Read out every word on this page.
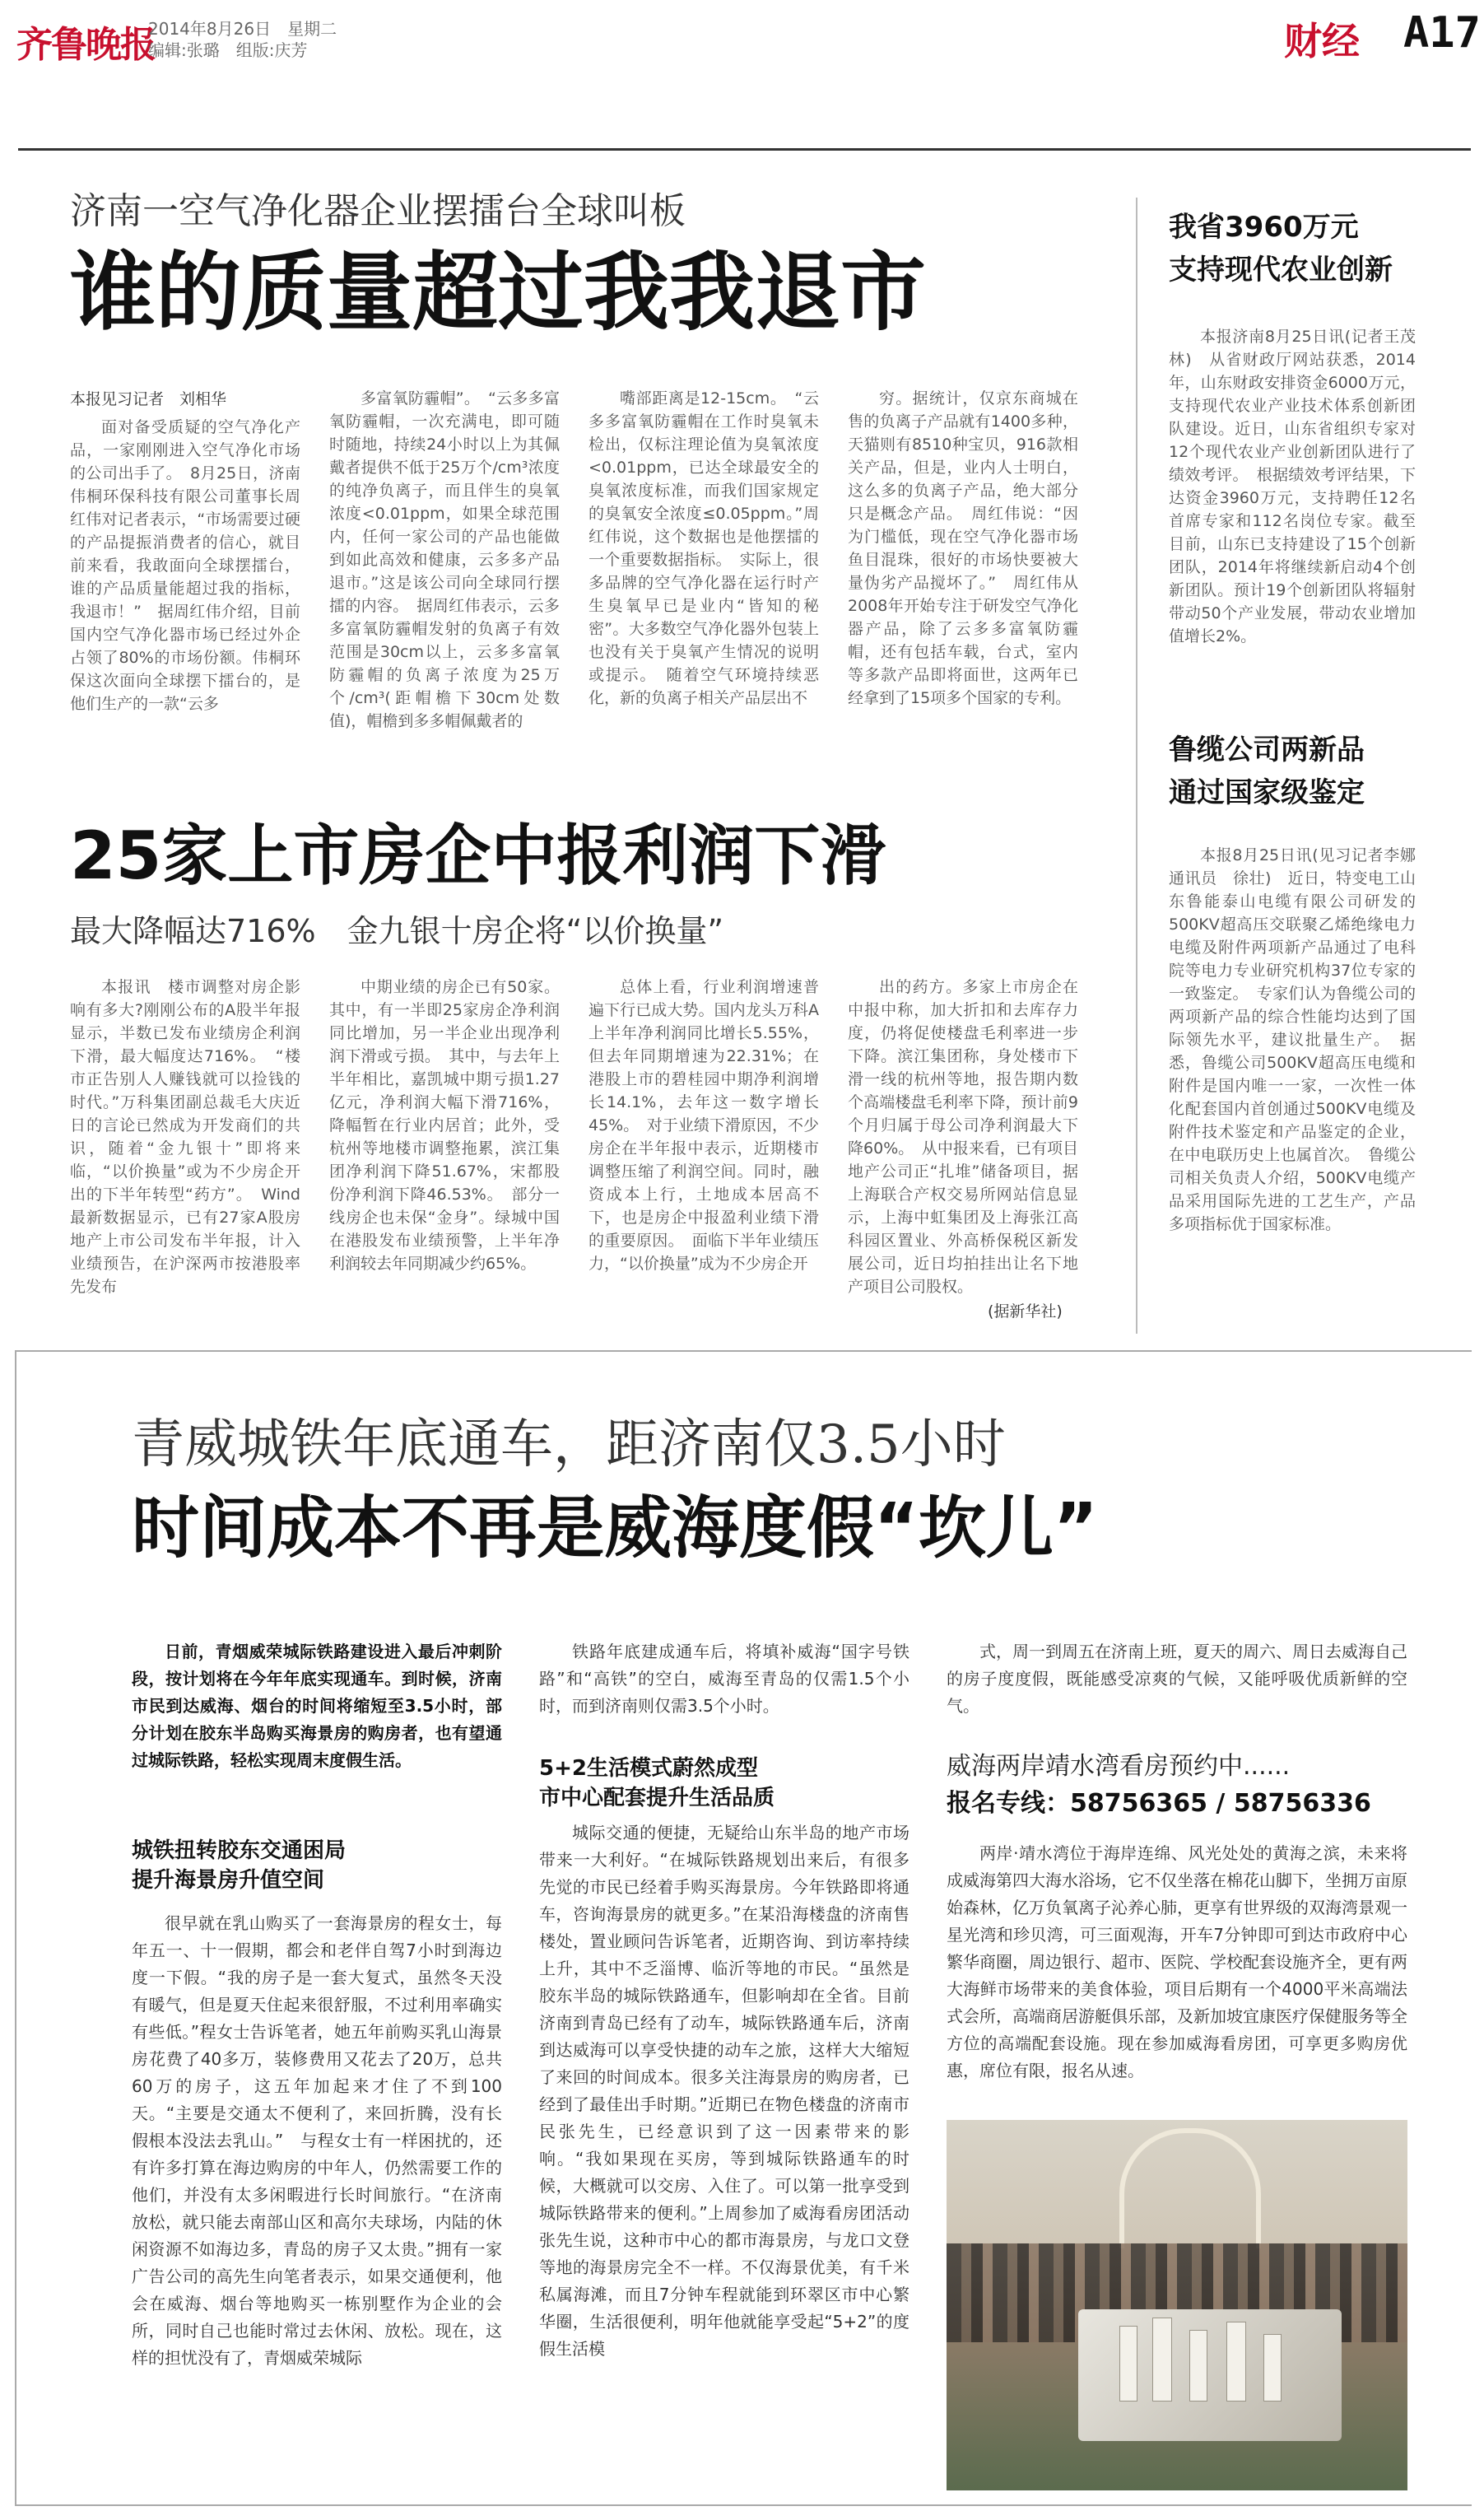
齐鲁晚报
2014年8月26日　星期二
编辑:张璐　组版:庆芳	财经 A17
济南一空气净化器企业摆擂台全球叫板
谁的质量超过我我退市
本报见习记者　刘相华

面对备受质疑的空气净化产品，一家刚刚进入空气净化市场的公司出手了。　8月25日，济南伟桐环保科技有限公司董事长周红伟对记者表示，“市场需要过硬的产品提振消费者的信心，就目前来看，我敢面向全球摆擂台，谁的产品质量能超过我的指标，我退市！”　据周红伟介绍，目前国内空气净化器市场已经过外企占领了80%的市场份额。伟桐环保这次面向全球摆下擂台的，是他们生产的一款“云多

多富氧防霾帽”。　“云多多富氧防霾帽，一次充满电，即可随时随地，持续24小时以上为其佩戴者提供不低于25万个/cm³浓度的纯净负离子，而且伴生的臭氧浓度<0.01ppm，如果全球范围内，任何一家公司的产品也能做到如此高效和健康，云多多产品退市。”这是该公司向全球同行摆擂的内容。　据周红伟表示，云多多富氧防霾帽发射的负离子有效范围是30cm以上，云多多富氧防霾帽的负离子浓度为25万个/cm³(距帽檐下30cm处数值)，帽檐到多多帽佩戴者的

嘴部距离是12-15cm。　“云多多富氧防霾帽在工作时臭氧未检出，仅标注理论值为臭氧浓度<0.01ppm，已达全球最安全的臭氧浓度标准，而我们国家规定的臭氧安全浓度≤0.05ppm。”周红伟说，这个数据也是他摆擂的一个重要数据指标。　实际上，很多品牌的空气净化器在运行时产生臭氧早已是业内“皆知的秘密”。大多数空气净化器外包装上也没有关于臭氧产生情况的说明或提示。　随着空气环境持续恶化，新的负离子相关产品层出不

穷。据统计，仅京东商城在售的负离子产品就有1400多种，天猫则有8510种宝贝，916款相关产品，但是，业内人士明白，这么多的负离子产品，绝大部分只是概念产品。　周红伟说：“因为门槛低，现在空气净化器市场鱼目混珠，很好的市场快要被大量伪劣产品搅坏了。”　周红伟从2008年开始专注于研发空气净化器产品，除了云多多富氧防霾帽，还有包括车载，台式，室内等多款产品即将面世，这两年已经拿到了15项多个国家的专利。

25家上市房企中报利润下滑
最大降幅达716%　金九银十房企将“以价换量”

本报讯　楼市调整对房企影响有多大?刚刚公布的A股半年报显示，半数已发布业绩房企利润下滑，最大幅度达716%。　“楼市正告别人人赚钱就可以捡钱的时代。”万科集团副总裁毛大庆近日的言论已然成为开发商们的共识，随着“金九银十”即将来临，“以价换量”或为不少房企开出的下半年转型“药方”。　Wind最新数据显示，已有27家A股房地产上市公司发布半年报，计入业绩预告，在沪深两市按港股率先发布

中期业绩的房企已有50家。其中，有一半即25家房企净利润同比增加，另一半企业出现净利润下滑或亏损。　其中，与去年上半年相比，嘉凯城中期亏损1.27亿元，净利润大幅下滑716%，降幅暂在行业内居首；此外，受杭州等地楼市调整拖累，滨江集团净利润下降51.67%，宋都股份净利润下降46.53%。　部分一线房企也未保“金身”。绿城中国在港股发布业绩预警，上半年净利润较去年同期减少约65%。

总体上看，行业利润增速普遍下行已成大势。国内龙头万科A上半年净利润同比增长5.55%，但去年同期增速为22.31%；在港股上市的碧桂园中期净利润增长14.1%，去年这一数字增长45%。　对于业绩下滑原因，不少房企在半年报中表示，近期楼市调整压缩了利润空间。同时，融资成本上行，土地成本居高不下，也是房企中报盈利业绩下滑的重要原因。　面临下半年业绩压力，“以价换量”成为不少房企开

出的药方。多家上市房企在中报中称，加大折扣和去库存力度，仍将促使楼盘毛利率进一步下降。滨江集团称，身处楼市下滑一线的杭州等地，报告期内数个高端楼盘毛利率下降，预计前9个月归属于母公司净利润最大下降60%。　从中报来看，已有项目地产公司正“扎堆”储备项目，据上海联合产权交易所网站信息显示，上海中虹集团及上海张江高科园区置业、外高桥保税区新发展公司，近日均拍挂出让名下地产项目公司股权。

(据新华社)
我省3960万元
支持现代农业创新

本报济南8月25日讯(记者王茂林)　从省财政厅网站获悉，2014年，山东财政安排资金6000万元，支持现代农业产业技术体系创新团队建设。近日，山东省组织专家对12个现代农业产业创新团队进行了绩效考评。　根据绩效考评结果，下达资金3960万元，支持聘任12名首席专家和112名岗位专家。截至目前，山东已支持建设了15个创新团队，2014年将继续新启动4个创新团队。预计19个创新团队将辐射带动50个产业发展，带动农业增加值增长2%。

鲁缆公司两新品
通过国家级鉴定

本报8月25日讯(见习记者李娜　通讯员　徐壮)　近日，特变电工山东鲁能泰山电缆有限公司研发的500KV超高压交联聚乙烯绝缘电力电缆及附件两项新产品通过了电科院等电力专业研究机构37位专家的一致鉴定。　专家们认为鲁缆公司的两项新产品的综合性能均达到了国际领先水平，建议批量生产。　据悉，鲁缆公司500KV超高压电缆和附件是国内唯一一家，一次性一体化配套国内首创通过500KV电缆及附件技术鉴定和产品鉴定的企业，在中电联历史上也属首次。　鲁缆公司相关负责人介绍，500KV电缆产品采用国际先进的工艺生产，产品多项指标优于国家标准。

青威城铁年底通车，距济南仅3.5小时
时间成本不再是威海度假“坎儿”

日前，青烟威荣城际铁路建设进入最后冲刺阶段，按计划将在今年年底实现通车。到时候，济南市民到达威海、烟台的时间将缩短至3.5小时，部分计划在胶东半岛购买海景房的购房者，也有望通过城际铁路，轻松实现周末度假生活。

城铁扭转胶东交通困局
提升海景房升值空间

很早就在乳山购买了一套海景房的程女士，每年五一、十一假期，都会和老伴自驾7小时到海边度一下假。“我的房子是一套大复式，虽然冬天没有暖气，但是夏天住起来很舒服，不过利用率确实有些低。”程女士告诉笔者，她五年前购买乳山海景房花费了40多万，装修费用又花去了20万，总共60万的房子，这五年加起来才住了不到100天。“主要是交通太不便利了，来回折腾，没有长假根本没法去乳山。”　与程女士有一样困扰的，还有许多打算在海边购房的中年人，仍然需要工作的他们，并没有太多闲暇进行长时间旅行。“在济南放松，就只能去南部山区和高尔夫球场，内陆的休闲资源不如海边多，青岛的房子又太贵。”拥有一家广告公司的高先生向笔者表示，如果交通便利，他会在威海、烟台等地购买一栋别墅作为企业的会所，同时自己也能时常过去休闲、放松。现在，这样的担忧没有了，青烟威荣城际

铁路年底建成通车后，将填补威海“国字号铁路”和“高铁”的空白，威海至青岛的仅需1.5个小时，而到济南则仅需3.5个小时。

5+2生活模式蔚然成型
市中心配套提升生活品质

城际交通的便捷，无疑给山东半岛的地产市场带来一大利好。“在城际铁路规划出来后，有很多先觉的市民已经着手购买海景房。今年铁路即将通车，咨询海景房的就更多。”在某沿海楼盘的济南售楼处，置业顾问告诉笔者，近期咨询、到访率持续上升，其中不乏淄博、临沂等地的市民。“虽然是胶东半岛的城际铁路通车，但影响却在全省。目前济南到青岛已经有了动车，城际铁路通车后，济南到达威海可以享受快捷的动车之旅，这样大大缩短了来回的时间成本。很多关注海景房的购房者，已经到了最佳出手时期。”近期已在物色楼盘的济南市民张先生，已经意识到了这一因素带来的影响。“我如果现在买房，等到城际铁路通车的时候，大概就可以交房、入住了。可以第一批享受到城际铁路带来的便利。”上周参加了威海看房团活动张先生说，这种市中心的都市海景房，与龙口文登等地的海景房完全不一样。不仅海景优美，有千米私属海滩，而且7分钟车程就能到环翠区市中心繁华圈，生活很便利，明年他就能享受起“5+2”的度假生活模

式，周一到周五在济南上班，夏天的周六、周日去威海自己的房子度度假，既能感受凉爽的气候，又能呼吸优质新鲜的空气。

威海两岸靖水湾看房预约中......
报名专线：58756365 / 58756336

两岸·靖水湾位于海岸连绵、风光处处的黄海之滨，未来将成威海第四大海水浴场，它不仅坐落在棉花山脚下，坐拥万亩原始森林，亿万负氧离子沁养心肺，更享有世界级的双海湾景观一星光湾和珍贝湾，可三面观海，开车7分钟即可到达市政府中心繁华商圈，周边银行、超市、医院、学校配套设施齐全，更有两大海鲜市场带来的美食体验，项目后期有一个4000平米高端法式会所，高端商居游艇俱乐部，及新加坡宜康医疗保健服务等全方位的高端配套设施。现在参加威海看房团，可享更多购房优惠，席位有限，报名从速。
